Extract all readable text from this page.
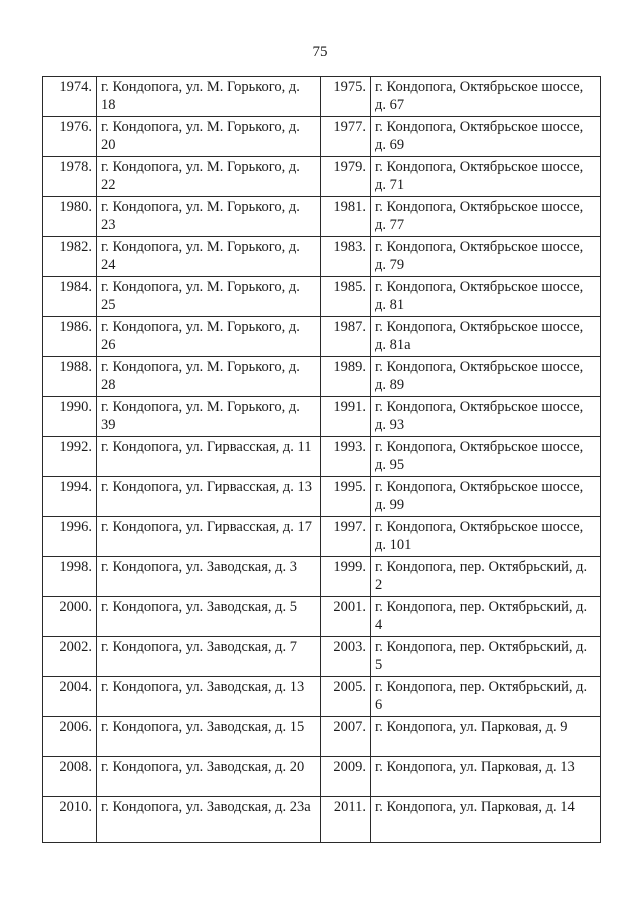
75
1974.	г. Кондопога, ул. М. Горького, д. 18	1975.	г. Кондопога, Октябрьское шоссе, д. 67
1976.	г. Кондопога, ул. М. Горького, д. 20	1977.	г. Кондопога, Октябрьское шоссе, д. 69
1978.	г. Кондопога, ул. М. Горького, д. 22	1979.	г. Кондопога, Октябрьское шоссе, д. 71
1980.	г. Кондопога, ул. М. Горького, д. 23	1981.	г. Кондопога, Октябрьское шоссе, д. 77
1982.	г. Кондопога, ул. М. Горького, д. 24	1983.	г. Кондопога, Октябрьское шоссе, д. 79
1984.	г. Кондопога, ул. М. Горького, д. 25	1985.	г. Кондопога, Октябрьское шоссе, д. 81
1986.	г. Кондопога, ул. М. Горького, д. 26	1987.	г. Кондопога, Октябрьское шоссе, д. 81а
1988.	г. Кондопога, ул. М. Горького, д. 28	1989.	г. Кондопога, Октябрьское шоссе, д. 89
1990.	г. Кондопога, ул. М. Горького, д. 39	1991.	г. Кондопога, Октябрьское шоссе, д. 93
1992.	г. Кондопога, ул. Гирвасская, д. 11	1993.	г. Кондопога, Октябрьское шоссе, д. 95
1994.	г. Кондопога, ул. Гирвасская, д. 13	1995.	г. Кондопога, Октябрьское шоссе, д. 99
1996.	г. Кондопога, ул. Гирвасская, д. 17	1997.	г. Кондопога, Октябрьское шоссе, д. 101
1998.	г. Кондопога, ул. Заводская, д. 3	1999.	г. Кондопога, пер. Октябрьский, д. 2
2000.	г. Кондопога, ул. Заводская, д. 5	2001.	г. Кондопога, пер. Октябрьский, д. 4
2002.	г. Кондопога, ул. Заводская, д. 7	2003.	г. Кондопога, пер. Октябрьский, д. 5
2004.	г. Кондопога, ул. Заводская, д. 13	2005.	г. Кондопога, пер. Октябрьский, д. 6
2006.	г. Кондопога, ул. Заводская, д. 15	2007.	г. Кондопога, ул. Парковая, д. 9
2008.	г. Кондопога, ул. Заводская, д. 20	2009.	г. Кондопога, ул. Парковая, д. 13
2010.	г. Кондопога, ул. Заводская, д. 23а	2011.	г. Кондопога, ул. Парковая, д. 14
